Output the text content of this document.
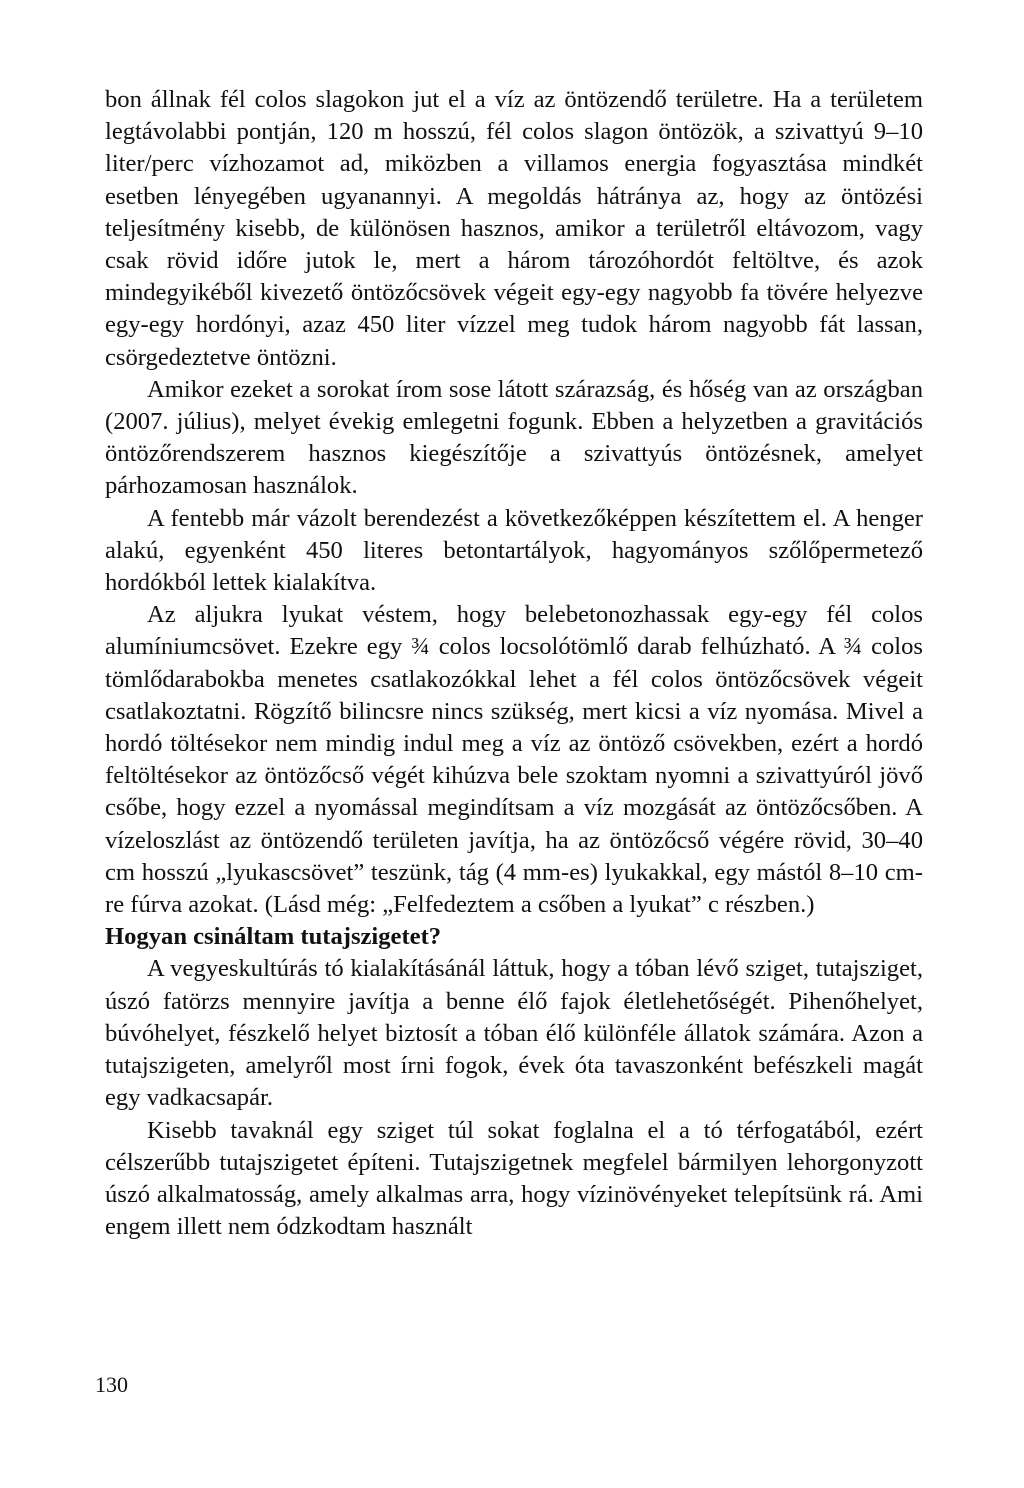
bon állnak fél colos slagokon jut el a víz az öntözendő területre. Ha a területem legtávolabbi pontján, 120 m hosszú, fél colos slagon öntözök, a szivattyú 9–10 liter/perc vízhozamot ad, miközben a villamos energia fogyasztása mindkét esetben lényegében ugyanannyi. A megoldás hátránya az, hogy az öntözési teljesítmény kisebb, de különösen hasznos, amikor a területről eltávozom, vagy csak rövid időre jutok le, mert a három tározóhordót feltöltve, és azok mindegyikéből kivezető öntözőcsövek végeit egy-egy nagyobb fa tövére helyezve egy-egy hordónyi, azaz 450 liter vízzel meg tudok három nagyobb fát lassan, csörgedeztetve öntözni.

Amikor ezeket a sorokat írom sose látott szárazság, és hőség van az országban (2007. július), melyet évekig emlegetni fogunk. Ebben a helyzetben a gravitációs öntözőrendszerem hasznos kiegészítője a szivattyús öntözésnek, amelyet párhozamosan használok.

A fentebb már vázolt berendezést a következőképpen készítettem el. A henger alakú, egyenként 450 literes betontartályok, hagyományos szőlőpermetező hordókból lettek kialakítva.

Az aljukra lyukat véstem, hogy belebetonozhassak egy-egy fél colos alumíniumcsövet. Ezekre egy ¾ colos locsolótömlő darab felhúzható. A ¾ colos tömlődarabokba menetes csatlakozókkal lehet a fél colos öntözőcsövek végeit csatlakoztatni. Rögzítő bilincsre nincs szükség, mert kicsi a víz nyomása. Mivel a hordó töltésekor nem mindig indul meg a víz az öntöző csövekben, ezért a hordó feltöltésekor az öntözőcső végét kihúzva bele szoktam nyomni a szivattyúról jövő csőbe, hogy ezzel a nyomással megindítsam a víz mozgását az öntözőcsőben. A vízeloszlást az öntözendő területen javítja, ha az öntözőcső végére rövid, 30–40 cm hosszú „lyukascsövet” teszünk, tág (4 mm-es) lyukakkal, egy mástól 8–10 cm-re fúrva azokat. (Lásd még: „Felfedeztem a csőben a lyukat” c részben.)

Hogyan csináltam tutajszigetet?

A vegyeskultúrás tó kialakításánál láttuk, hogy a tóban lévő sziget, tutajsziget, úszó fatörzs mennyire javítja a benne élő fajok életlehetőségét. Pihenőhelyet, búvóhelyet, fészkelő helyet biztosít a tóban élő különféle állatok számára. Azon a tutajszigeten, amelyről most írni fogok, évek óta tavaszonként befészkeli magát egy vadkacsapár.

Kisebb tavaknál egy sziget túl sokat foglalna el a tó térfogatából, ezért célszerűbb tutajszigetet építeni. Tutajszigetnek megfelel bármilyen lehorgonyzott úszó alkalmatosság, amely alkalmas arra, hogy vízinövényeket telepítsünk rá. Ami engem illett nem ódzkodtam használt

130
